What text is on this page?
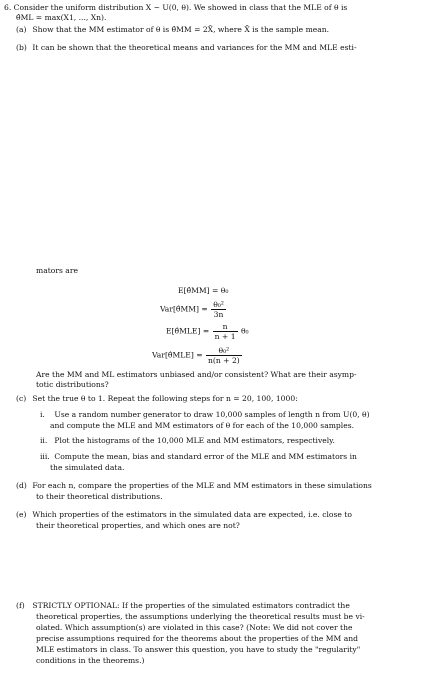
6. Consider the uniform distribution X ~ U(0, θ). We showed in class that the MLE of θ is
θ̂ML = max(X1, ..., Xn).
(a) Show that the MM estimator of θ is θ̂MM = 2X̄, where X̄ is the sample mean.
(b) It can be shown that the theoretical means and variances for the MM and MLE esti-
mators are
E[θ̂MM] = θ₀
Var[θ̂MM] = $\frac{\text{θ₀²}}{3n}$
E[θ̂MLE] = $\frac{n}{n + 1} \theta_0$
Var[θ̂MLE] = $\frac{\text{θ₀²}}{n(n + 2)}$
Are the MM and ML estimators unbiased and/or consistent? What are their asymp-
totic distributions?
(c) Set the true θ to 1. Repeat the following steps for n = 20, 100, 1000:
i. Use a random number generator to draw 10,000 samples of length n from U(0, θ)
and compute the MLE and MM estimators of θ for each of the 10,000 samples.
ii. Plot the histograms of the 10,000 MLE and MM estimators, respectively.
iii. Compute the mean, bias and standard error of the MLE and MM estimators in
the simulated data.
(d) For each n, compare the properties of the MLE and MM estimators in these simulations
to their theoretical distributions.
(e) Which properties of the estimators in the simulated data are expected, i.e. close to
their theoretical properties, and which ones are not?
(f) STRICTLY OPTIONAL: If the properties of the simulated estimators contradict the
theoretical properties, the assumptions underlying the theoretical results must be vi-
olated. Which assumption(s) are violated in this case? (Note: We did not cover the
precise assumptions required for the theorems about the properties of the MM and
MLE estimators in class. To answer this question, you have to study the "regularity"
conditions in the theorems.)
